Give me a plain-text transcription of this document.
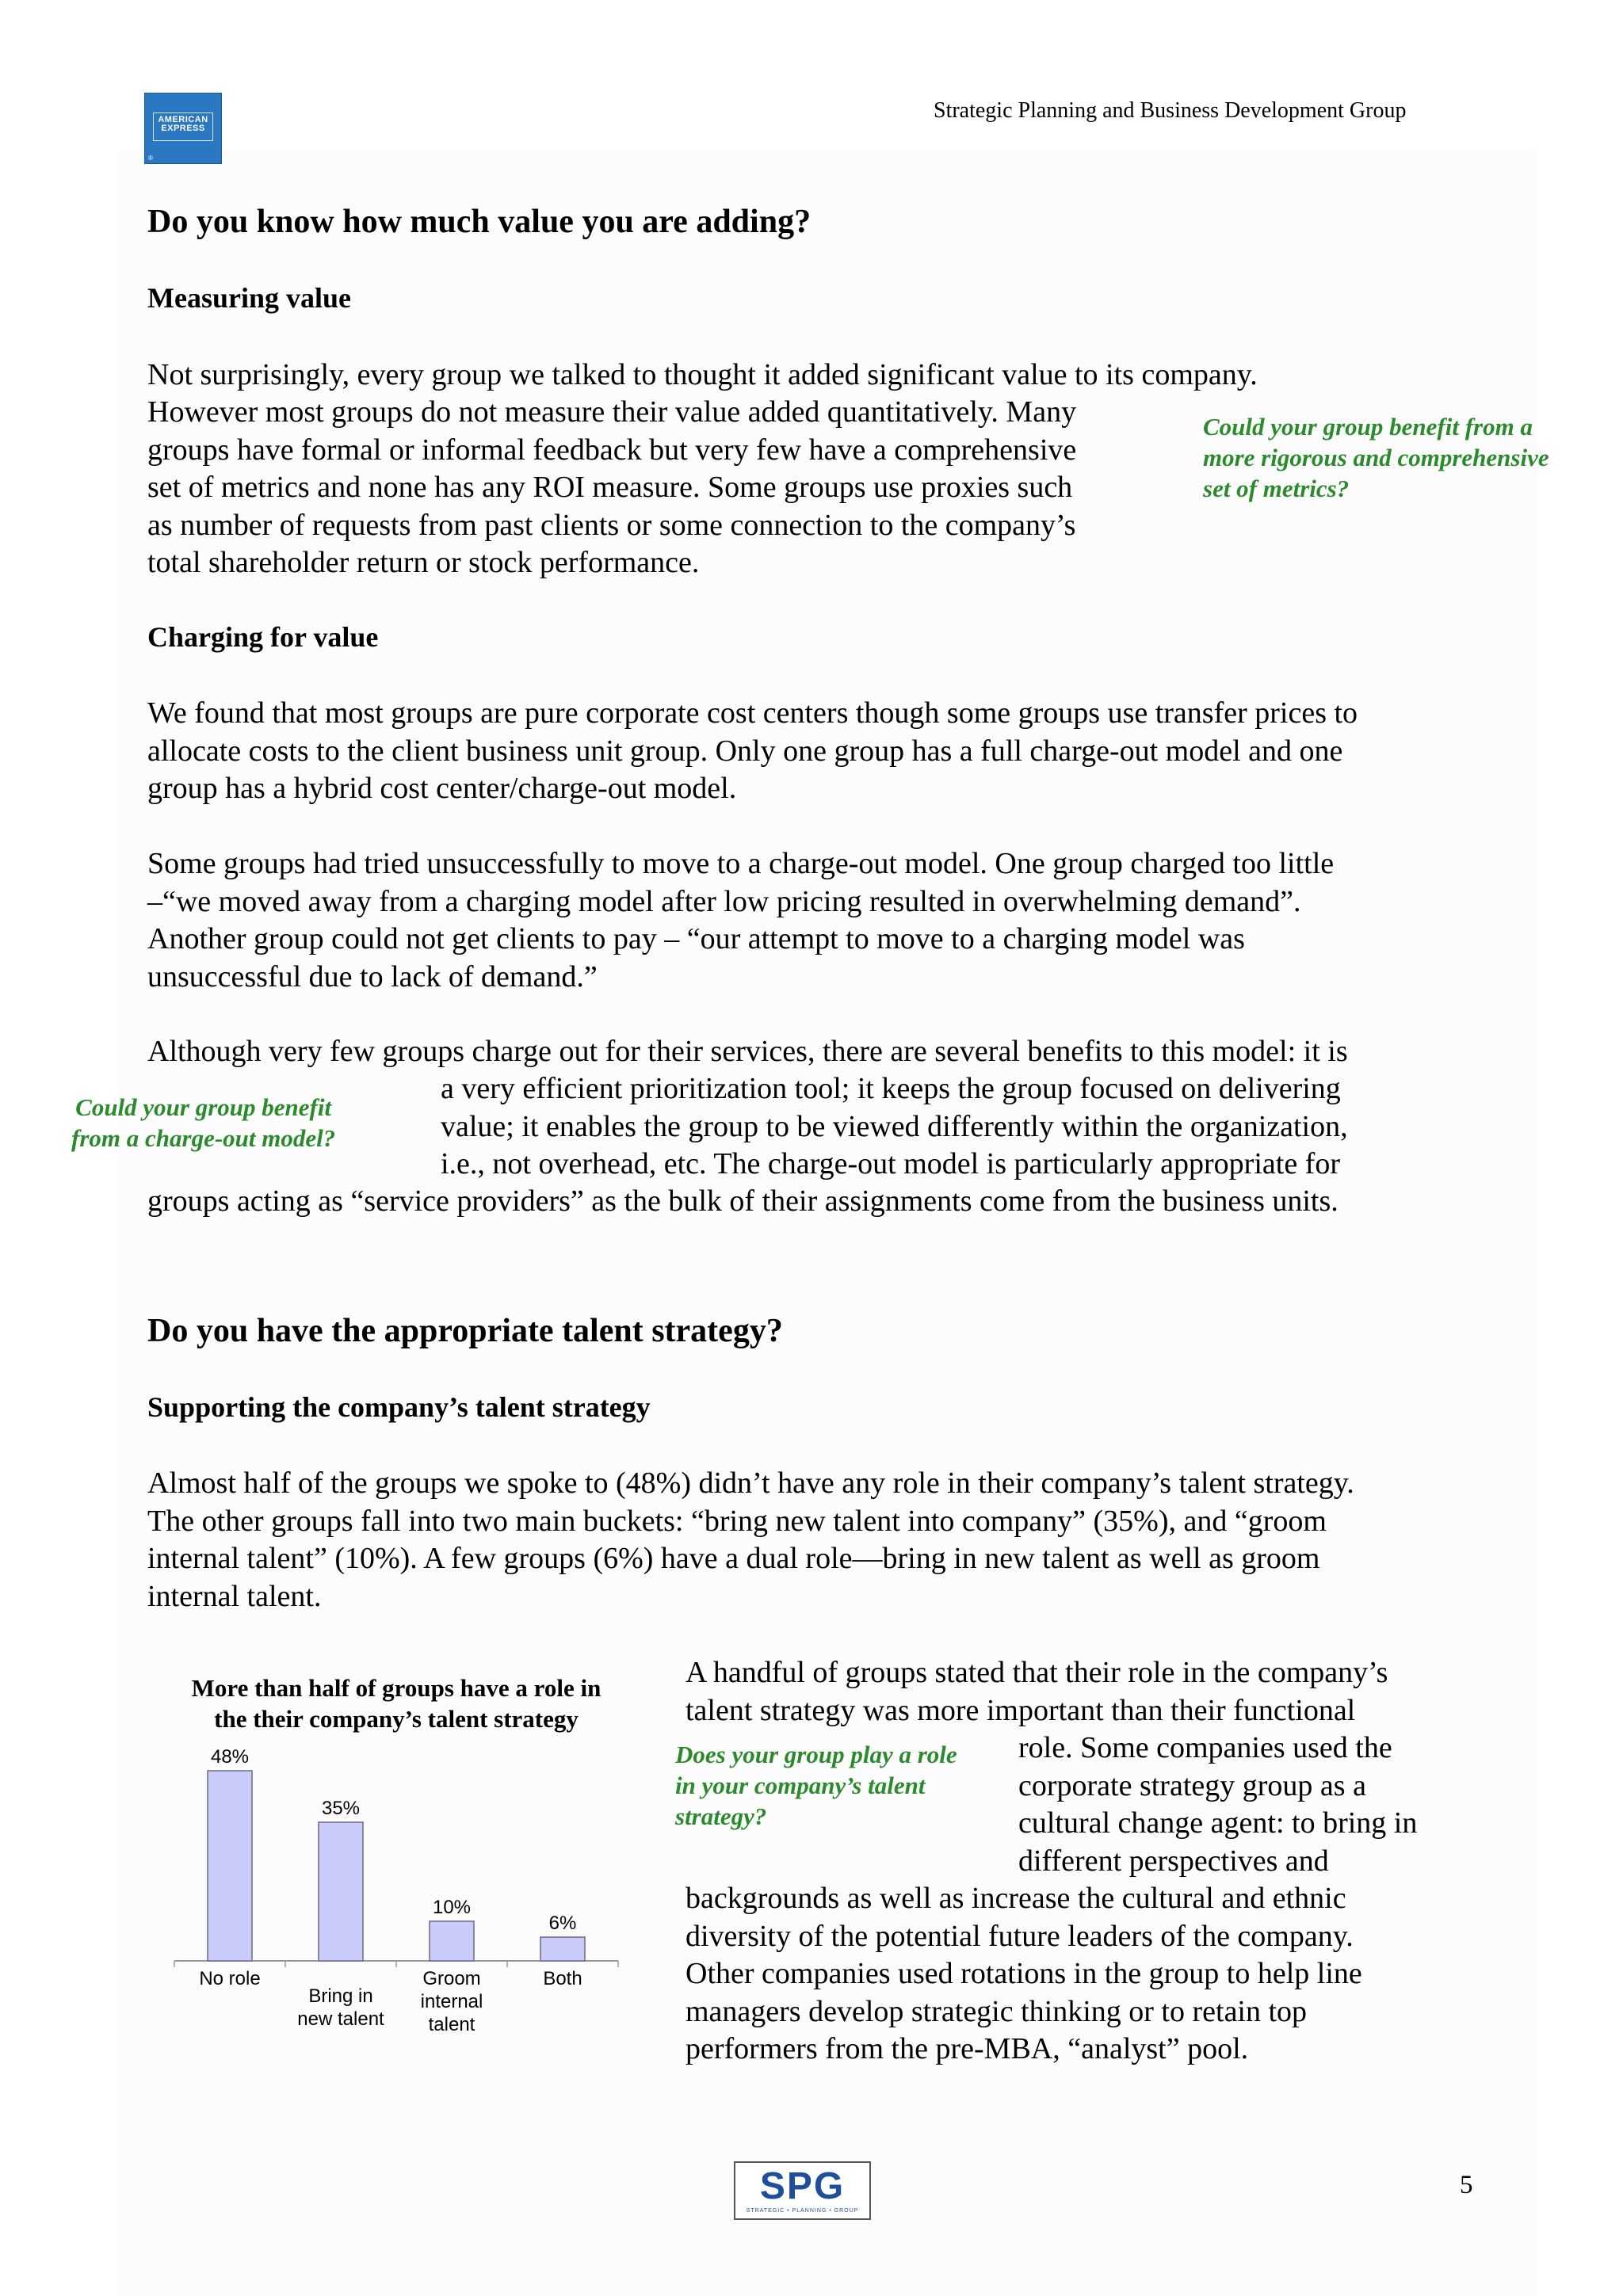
AMERICAN
EXPRESS
®
Strategic Planning and Business Development Group
Do you know how much value you are adding?
Measuring value

Not surprisingly, every group we talked to thought it added significant value to its company.

However most groups do not measure their value added quantitatively. Many

groups have formal or informal feedback but very few have a comprehensive

set of metrics and none has any ROI measure. Some groups use proxies such

as number of requests from past clients or some connection to the company’s

total shareholder return or stock performance.

Could your group benefit from a

more rigorous and comprehensive

set of metrics?

Charging for value

We found that most groups are pure corporate cost centers though some groups use transfer prices to

allocate costs to the client business unit group. Only one group has a full charge-out model and one

group has a hybrid cost center/charge-out model.

Some groups had tried unsuccessfully to move to a charge-out model. One group charged too little

–“we moved away from a charging model after low pricing resulted in overwhelming demand”.

Another group could not get clients to pay – “our attempt to move to a charging model was

unsuccessful due to lack of demand.”

Although very few groups charge out for their services, there are several benefits to this model: it is

a very efficient prioritization tool; it keeps the group focused on delivering

value; it enables the group to be viewed differently within the organization,

i.e., not overhead, etc. The charge-out model is particularly appropriate for

groups acting as “service providers” as the bulk of their assignments come from the business units.

Could your group benefit

from a charge-out model?

Do you have the appropriate talent strategy?
Supporting the company’s talent strategy

Almost half of the groups we spoke to (48%) didn’t have any role in their company’s talent strategy.

The other groups fall into two main buckets: “bring new talent into company” (35%), and “groom

internal talent” (10%). A few groups (6%) have a dual role—bring in new talent as well as groom

internal talent.

More than half of groups have a role in
the their company’s talent strategy
48%
No role
35%
Bring in new talent
10%
Groom internal talent
6%
Both

A handful of groups stated that their role in the company’s

talent strategy was more important than their functional

role. Some companies used the

corporate strategy group as a

cultural change agent: to bring in

different perspectives and

backgrounds as well as increase the cultural and ethnic

diversity of the potential future leaders of the company.

Other companies used rotations in the group to help line

managers develop strategic thinking or to retain top

performers from the pre-MBA, “analyst” pool.

Does your group play a role

in your company’s talent

strategy?

SPG
STRATEGIC • PLANNING • GROUP
5
